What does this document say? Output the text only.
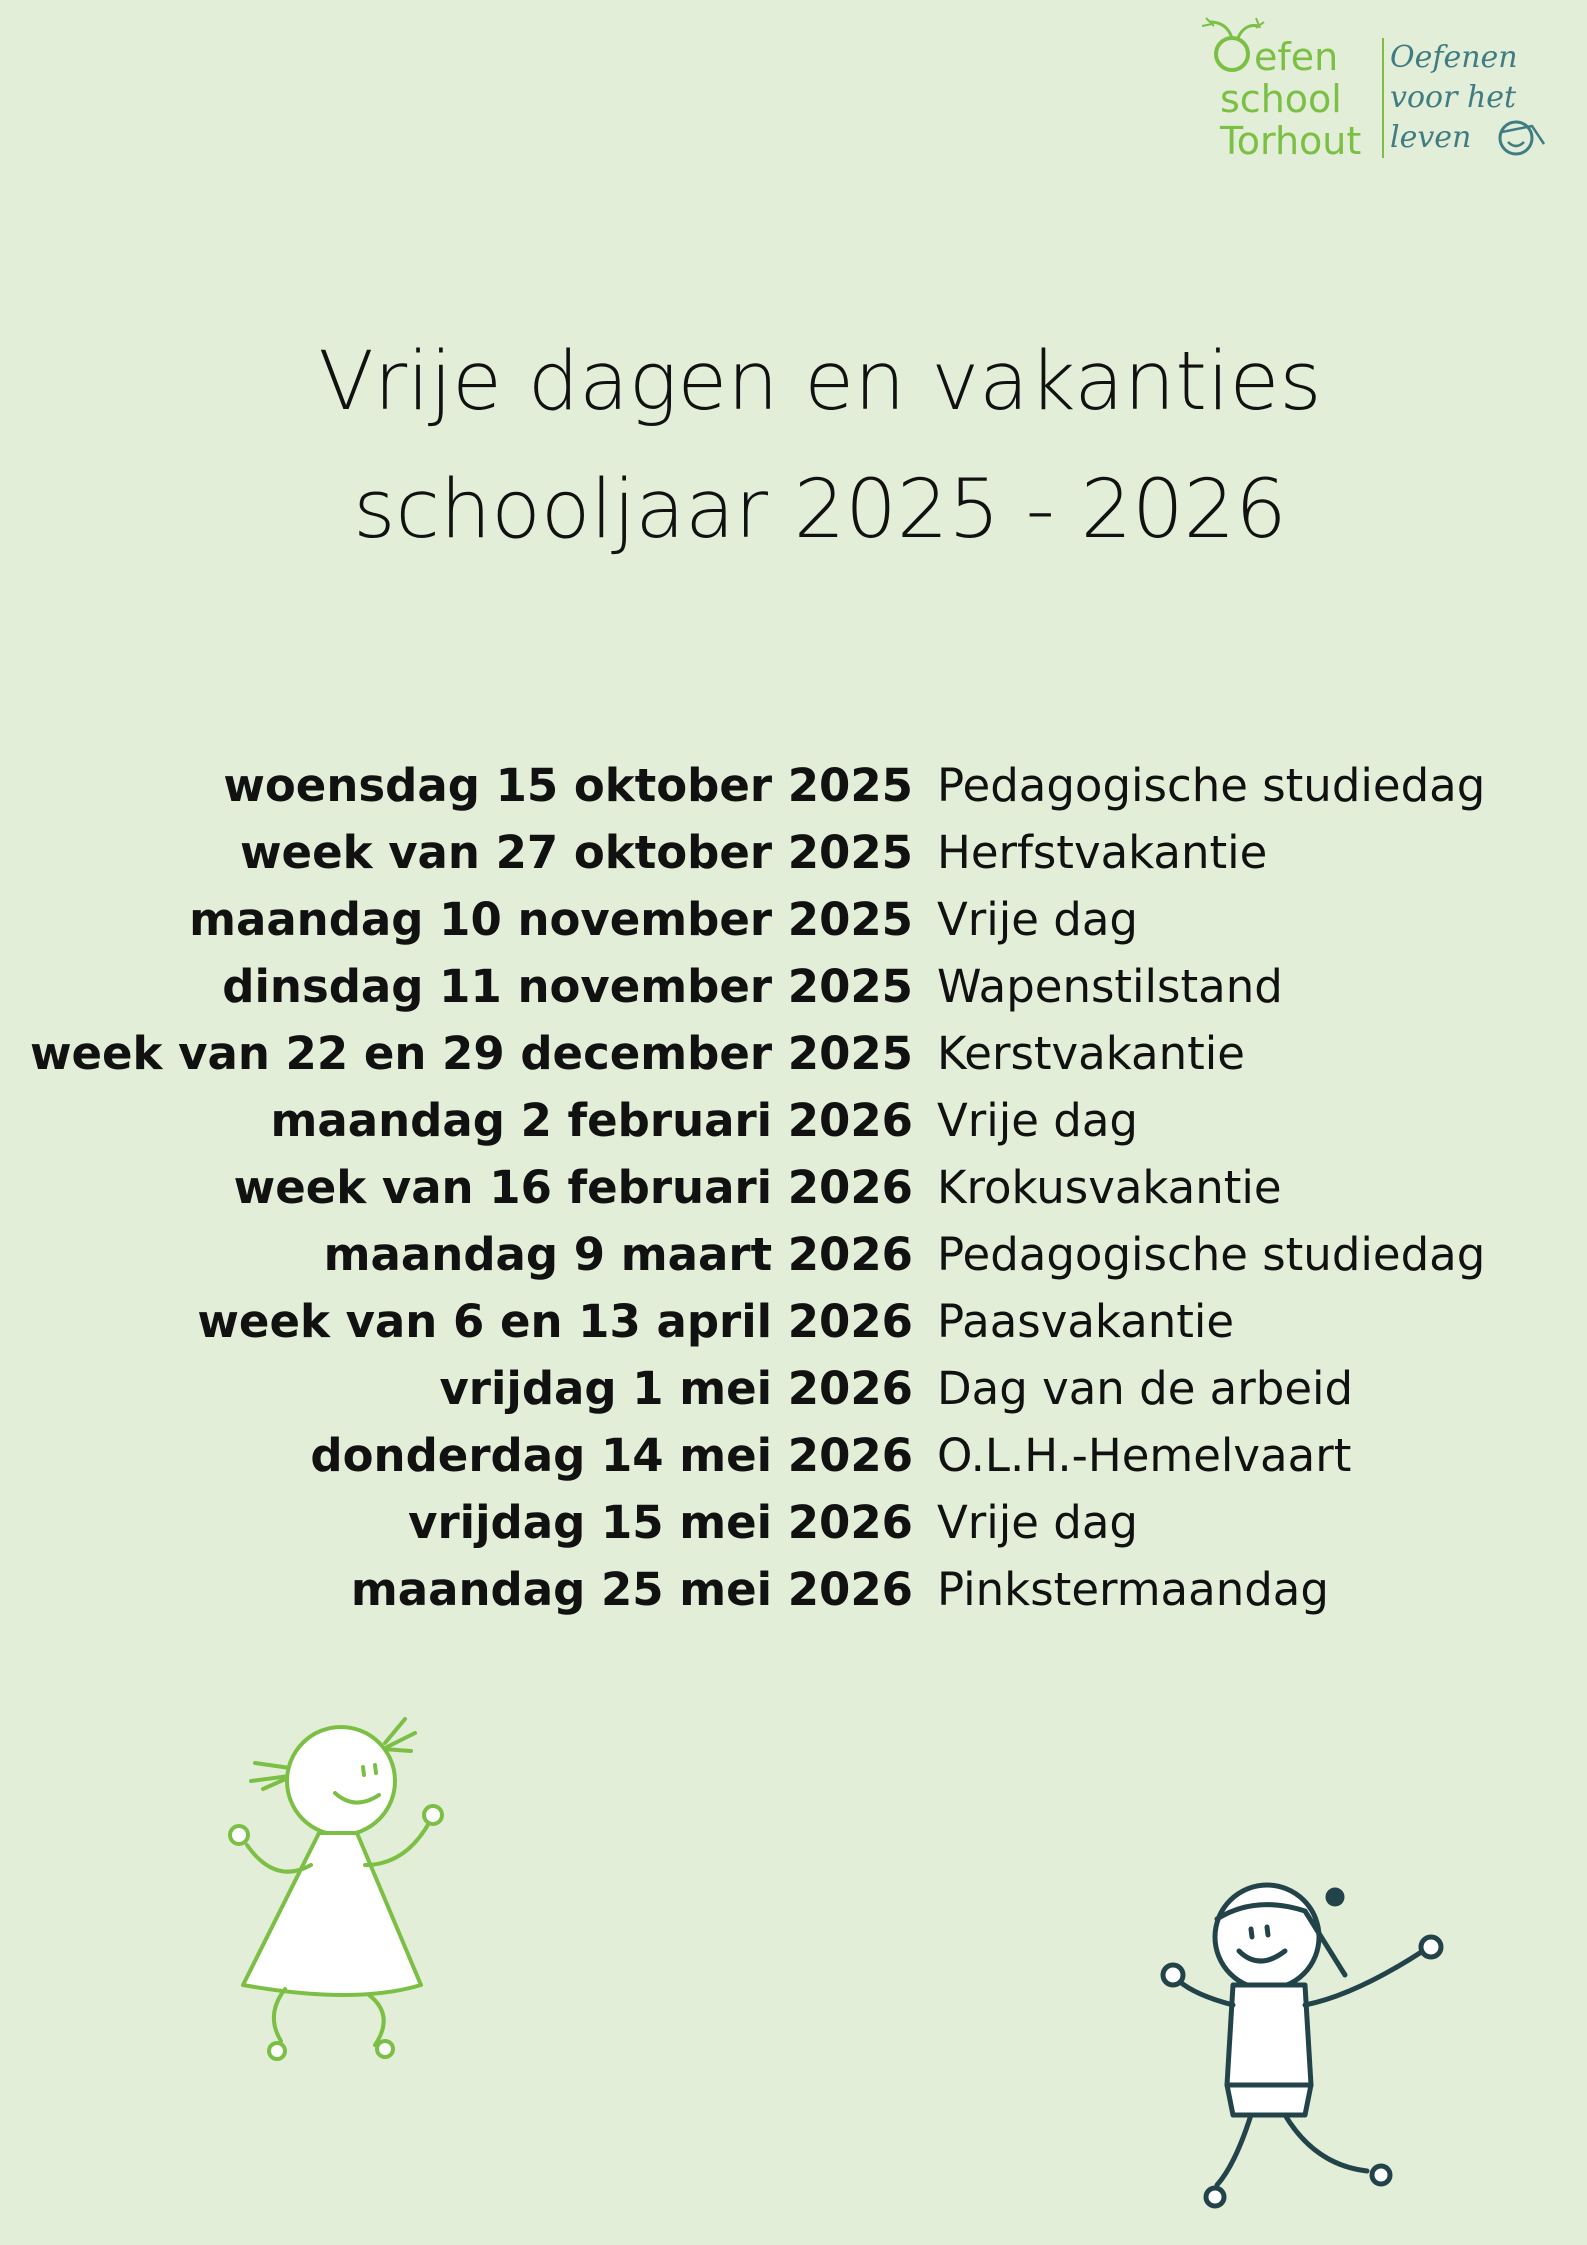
efen
school
Torhout
Oefenen
voor het
leven
Vrije dagen en vakanties
schooljaar 2025 - 2026
woensdag 15 oktober 2025 Pedagogische studiedag
week van 27 oktober 2025 Herfstvakantie
maandag 10 november 2025 Vrije dag
dinsdag 11 november 2025 Wapenstilstand
week van 22 en 29 december 2025 Kerstvakantie
maandag 2 februari 2026 Vrije dag
week van 16 februari 2026 Krokusvakantie
maandag 9 maart 2026 Pedagogische studiedag
week van 6 en 13 april 2026 Paasvakantie
vrijdag 1 mei 2026 Dag van de arbeid
donderdag 14 mei 2026 O.L.H.-Hemelvaart
vrijdag 15 mei 2026 Vrije dag
maandag 25 mei 2026 Pinkstermaandag
